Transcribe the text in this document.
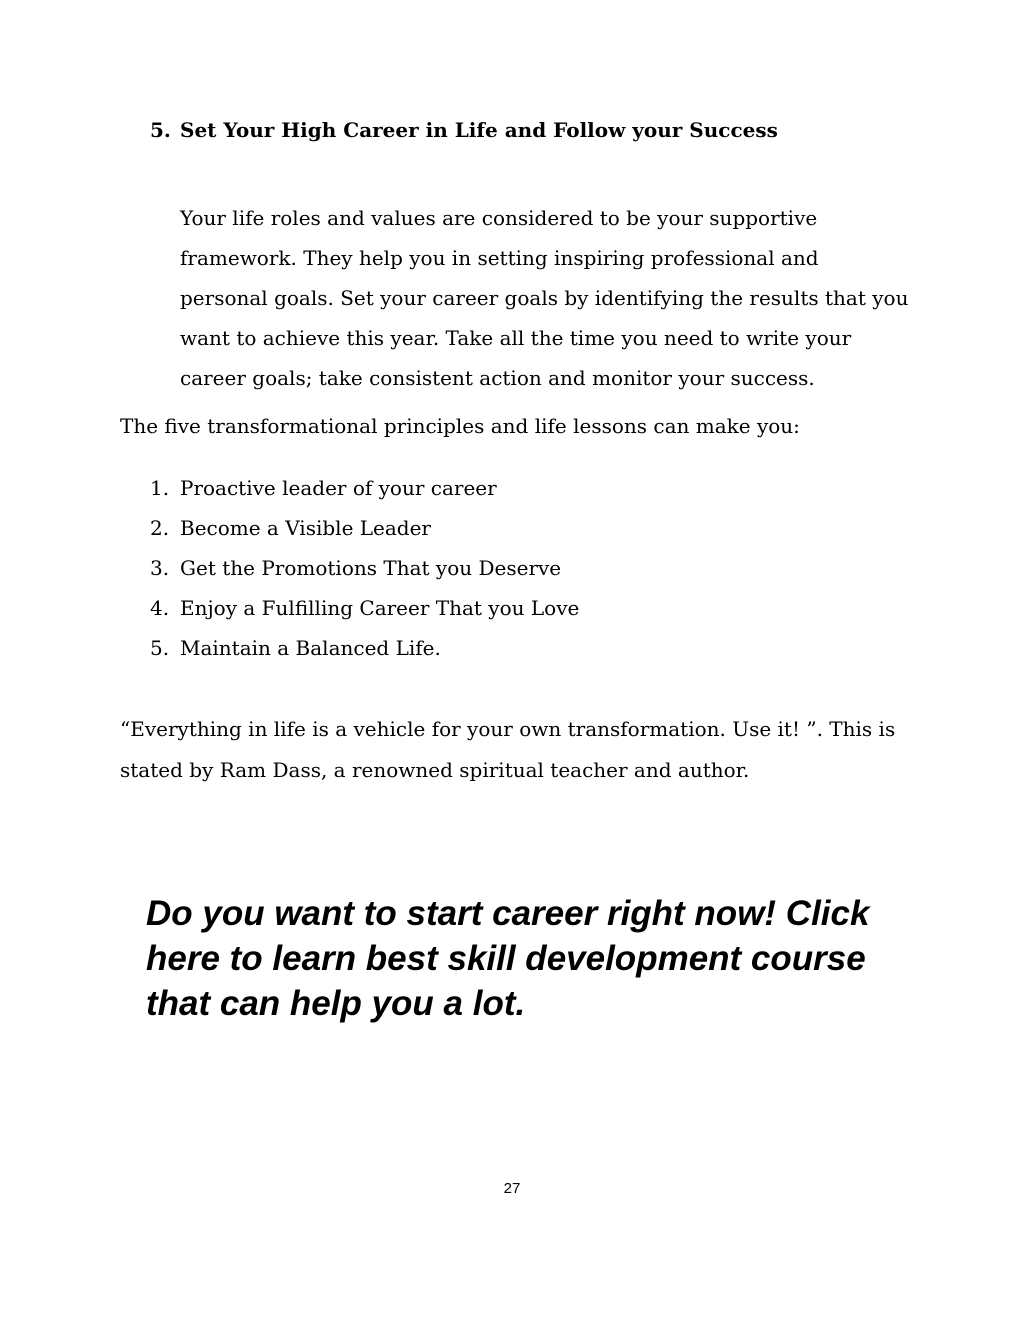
5. Set Your High Career in Life and Follow your Success
Your life roles and values are considered to be your supportive framework. They help you in setting inspiring professional and personal goals. Set your career goals by identifying the results that you want to achieve this year. Take all the time you need to write your career goals; take consistent action and monitor your success.
The five transformational principles and life lessons can make you:
1. Proactive leader of your career
2. Become a Visible Leader
3. Get the Promotions That you Deserve
4. Enjoy a Fulfilling Career That you Love
5. Maintain a Balanced Life.
“Everything in life is a vehicle for your own transformation. Use it! ”. This is stated by Ram Dass, a renowned spiritual teacher and author.
Do you want to start career right now! Click here to learn best skill development course that can help you a lot.
27
